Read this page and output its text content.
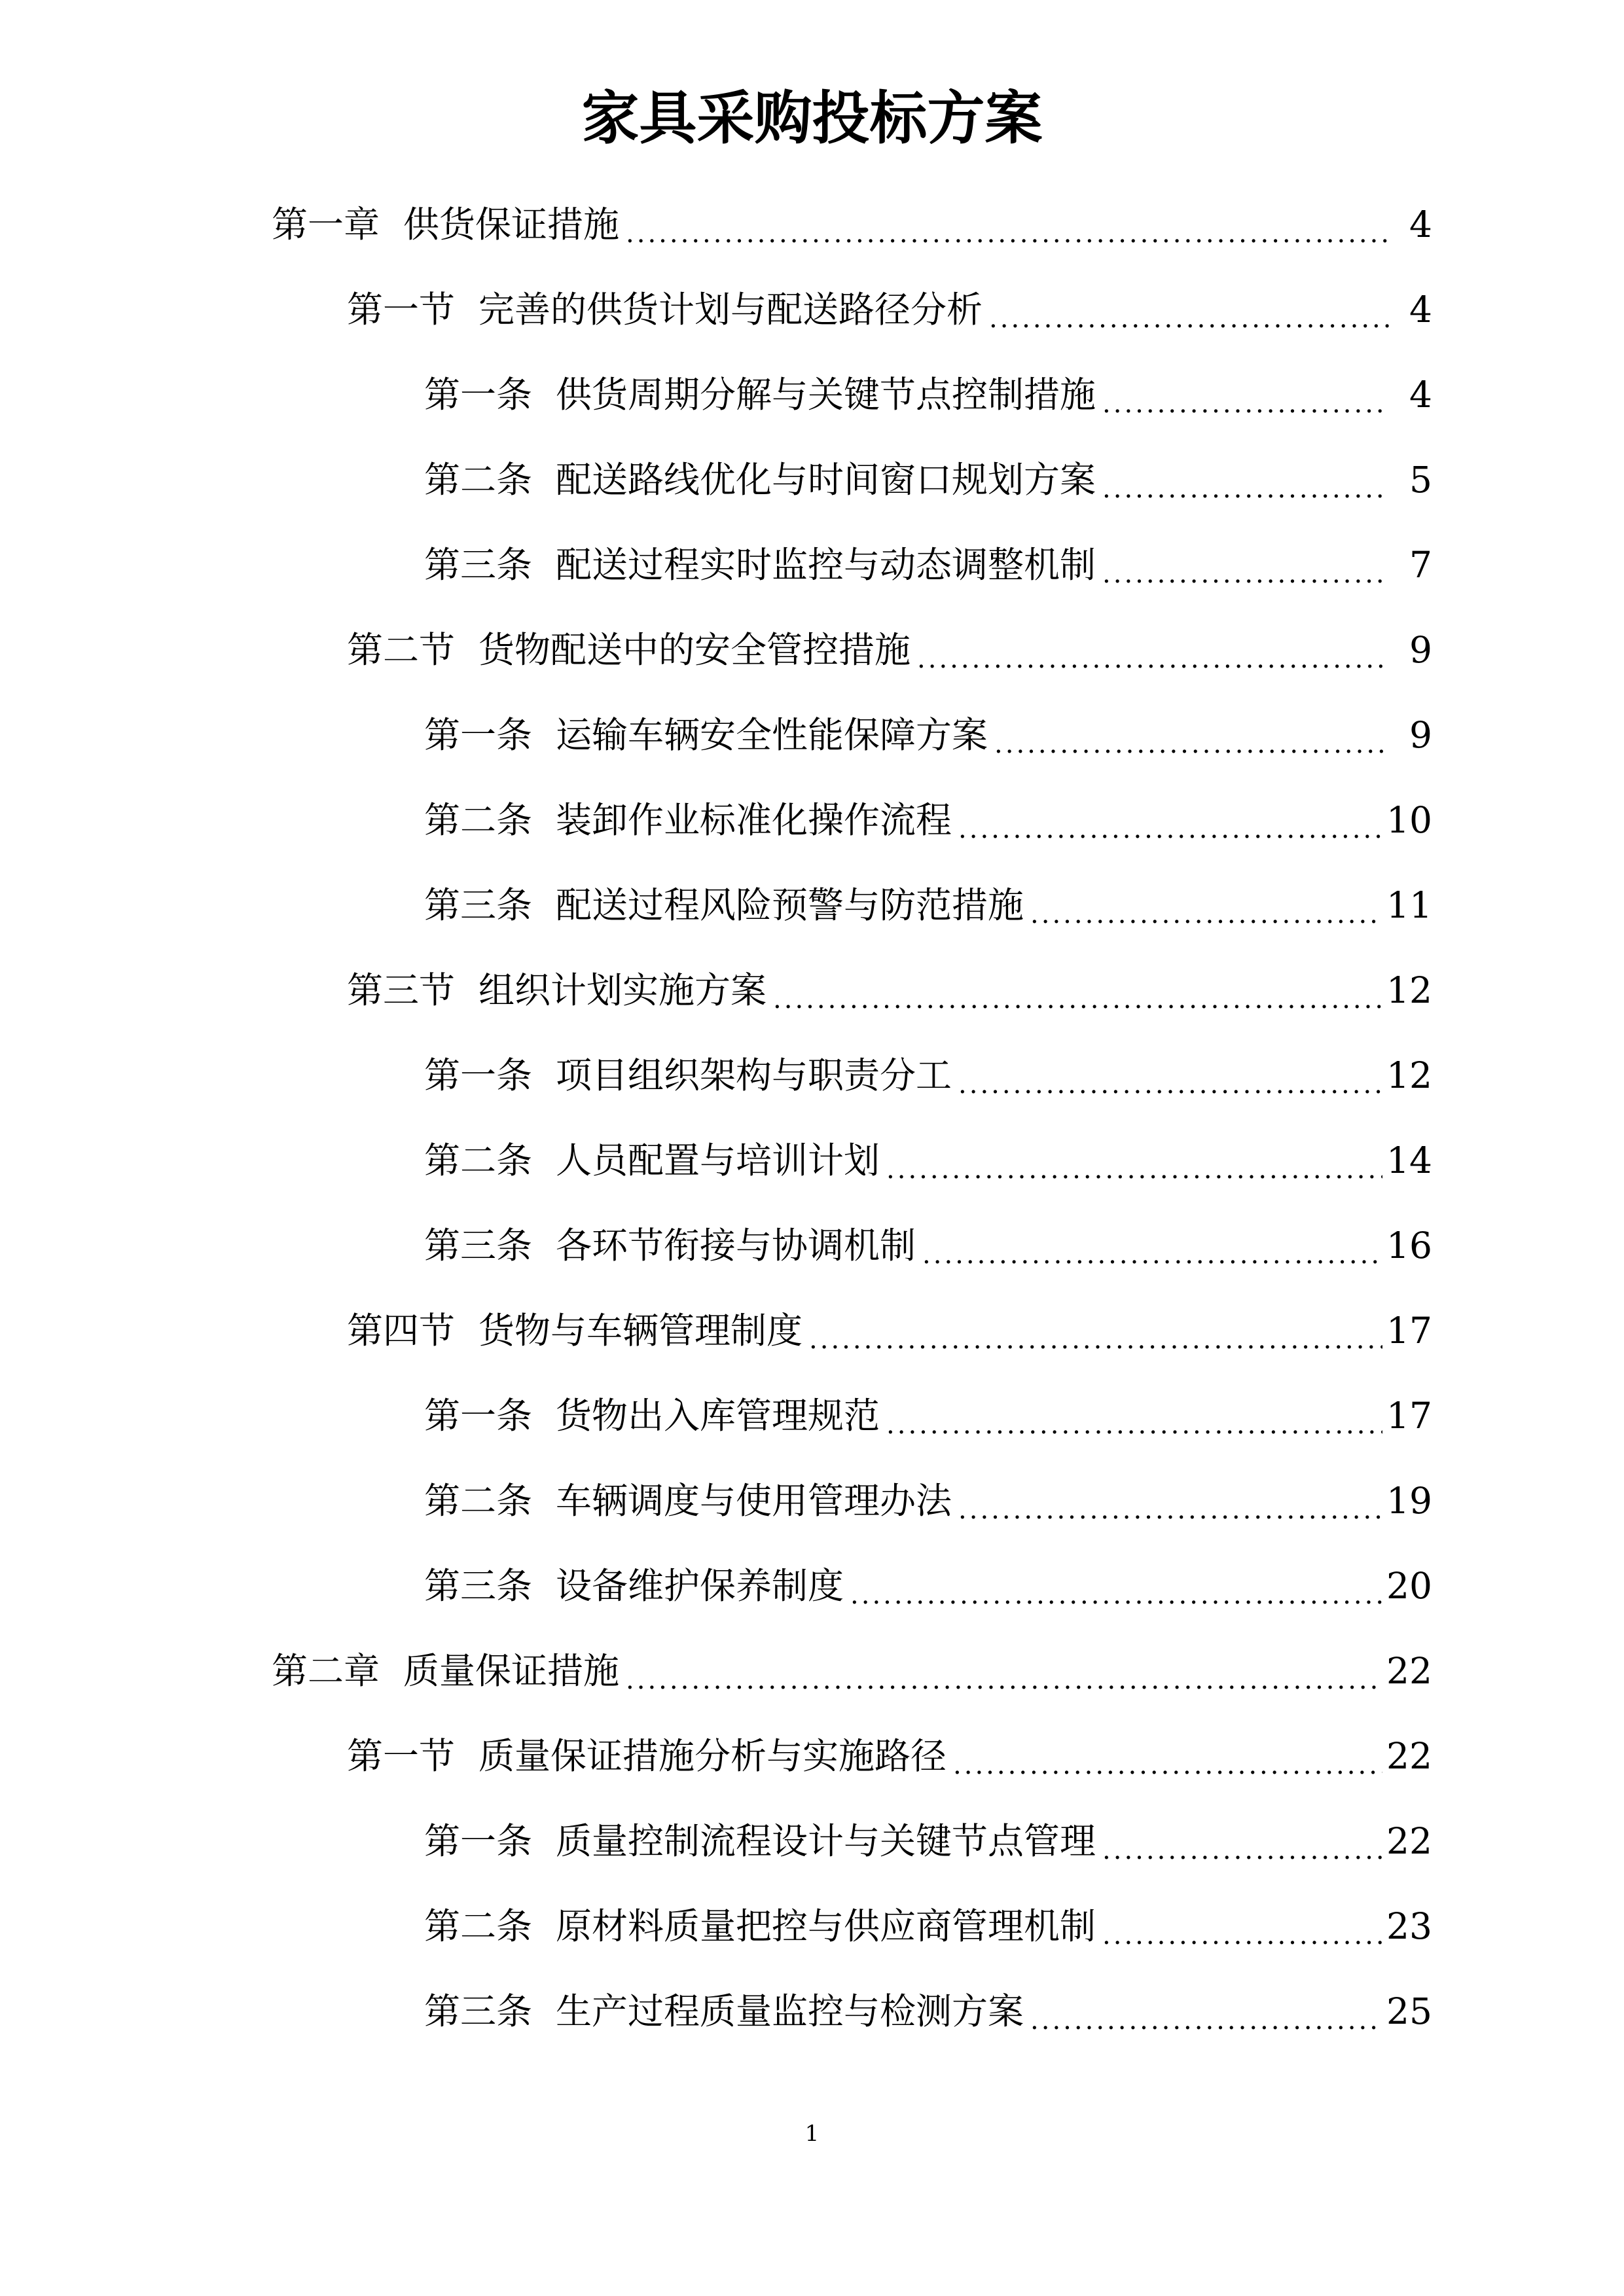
家具采购投标方案
第一章 供货保证措施 .....	4
第一节 完善的供货计划与配送路径分析 .....	4
第一条 供货周期分解与关键节点控制措施 .....	4
第二条 配送路线优化与时间窗口规划方案 .....	5
第三条 配送过程实时监控与动态调整机制 .....	7
第二节 货物配送中的安全管控措施 .....	9
第一条 运输车辆安全性能保障方案 .....	9
第二条 装卸作业标准化操作流程 .....	10
第三条 配送过程风险预警与防范措施 .....	11
第三节 组织计划实施方案 .....	12
第一条 项目组织架构与职责分工 .....	12
第二条 人员配置与培训计划 .....	14
第三条 各环节衔接与协调机制 .....	16
第四节 货物与车辆管理制度 .....	17
第一条 货物出入库管理规范 .....	17
第二条 车辆调度与使用管理办法 .....	19
第三条 设备维护保养制度 .....	20
第二章 质量保证措施 .....	22
第一节 质量保证措施分析与实施路径 .....	22
第一条 质量控制流程设计与关键节点管理 .....	22
第二条 原材料质量把控与供应商管理机制 .....	23
第三条 生产过程质量监控与检测方案 .....	25
1
